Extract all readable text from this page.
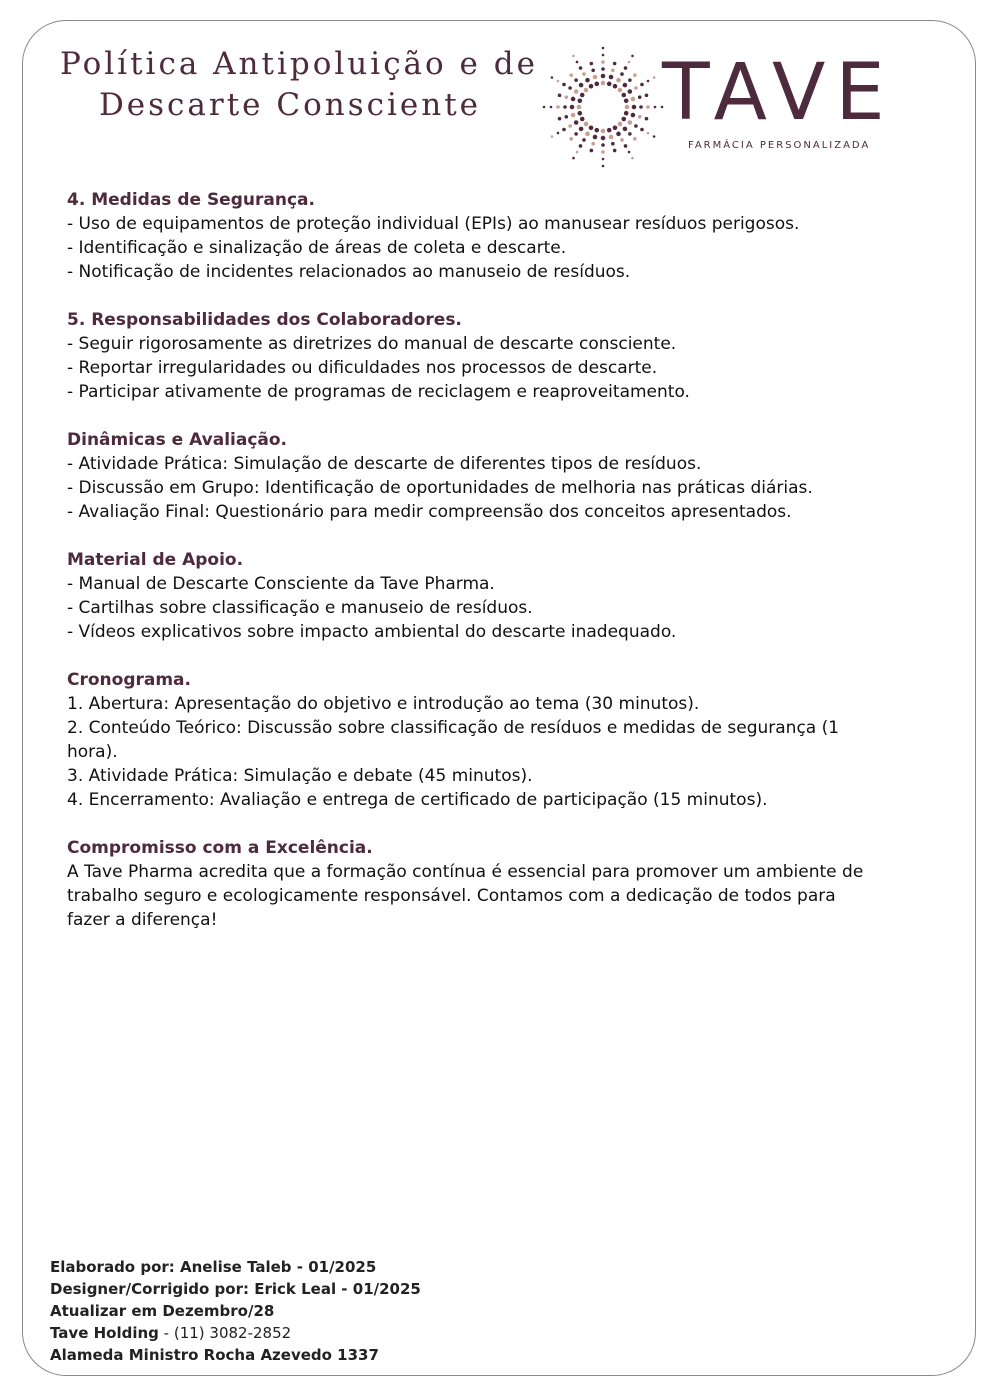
Política Antipoluição e de
Descarte Consciente	TAVE
FARMÁCIA PERSONALIZADA
4. Medidas de Segurança.

- Uso de equipamentos de proteção individual (EPIs) ao manusear resíduos perigosos.

- Identificação e sinalização de áreas de coleta e descarte.

- Notificação de incidentes relacionados ao manuseio de resíduos.

5. Responsabilidades dos Colaboradores.

- Seguir rigorosamente as diretrizes do manual de descarte consciente.

- Reportar irregularidades ou dificuldades nos processos de descarte.

- Participar ativamente de programas de reciclagem e reaproveitamento.

Dinâmicas e Avaliação.

- Atividade Prática: Simulação de descarte de diferentes tipos de resíduos.

- Discussão em Grupo: Identificação de oportunidades de melhoria nas práticas diárias.

- Avaliação Final: Questionário para medir compreensão dos conceitos apresentados.

Material de Apoio.

- Manual de Descarte Consciente da Tave Pharma.

- Cartilhas sobre classificação e manuseio de resíduos.

- Vídeos explicativos sobre impacto ambiental do descarte inadequado.

Cronograma.

1. Abertura: Apresentação do objetivo e introdução ao tema (30 minutos).

2. Conteúdo Teórico: Discussão sobre classificação de resíduos e medidas de segurança (1

hora).

3. Atividade Prática: Simulação e debate (45 minutos).

4. Encerramento: Avaliação e entrega de certificado de participação (15 minutos).

Compromisso com a Excelência.

A Tave Pharma acredita que a formação contínua é essencial para promover um ambiente de

trabalho seguro e ecologicamente responsável. Contamos com a dedicação de todos para

fazer a diferença!

Elaborado por: Anelise Taleb - 01/2025
Designer/Corrigido por: Erick Leal - 01/2025
Atualizar em Dezembro/28
Tave Holding - (11) 3082-2852
Alameda Ministro Rocha Azevedo 1337
